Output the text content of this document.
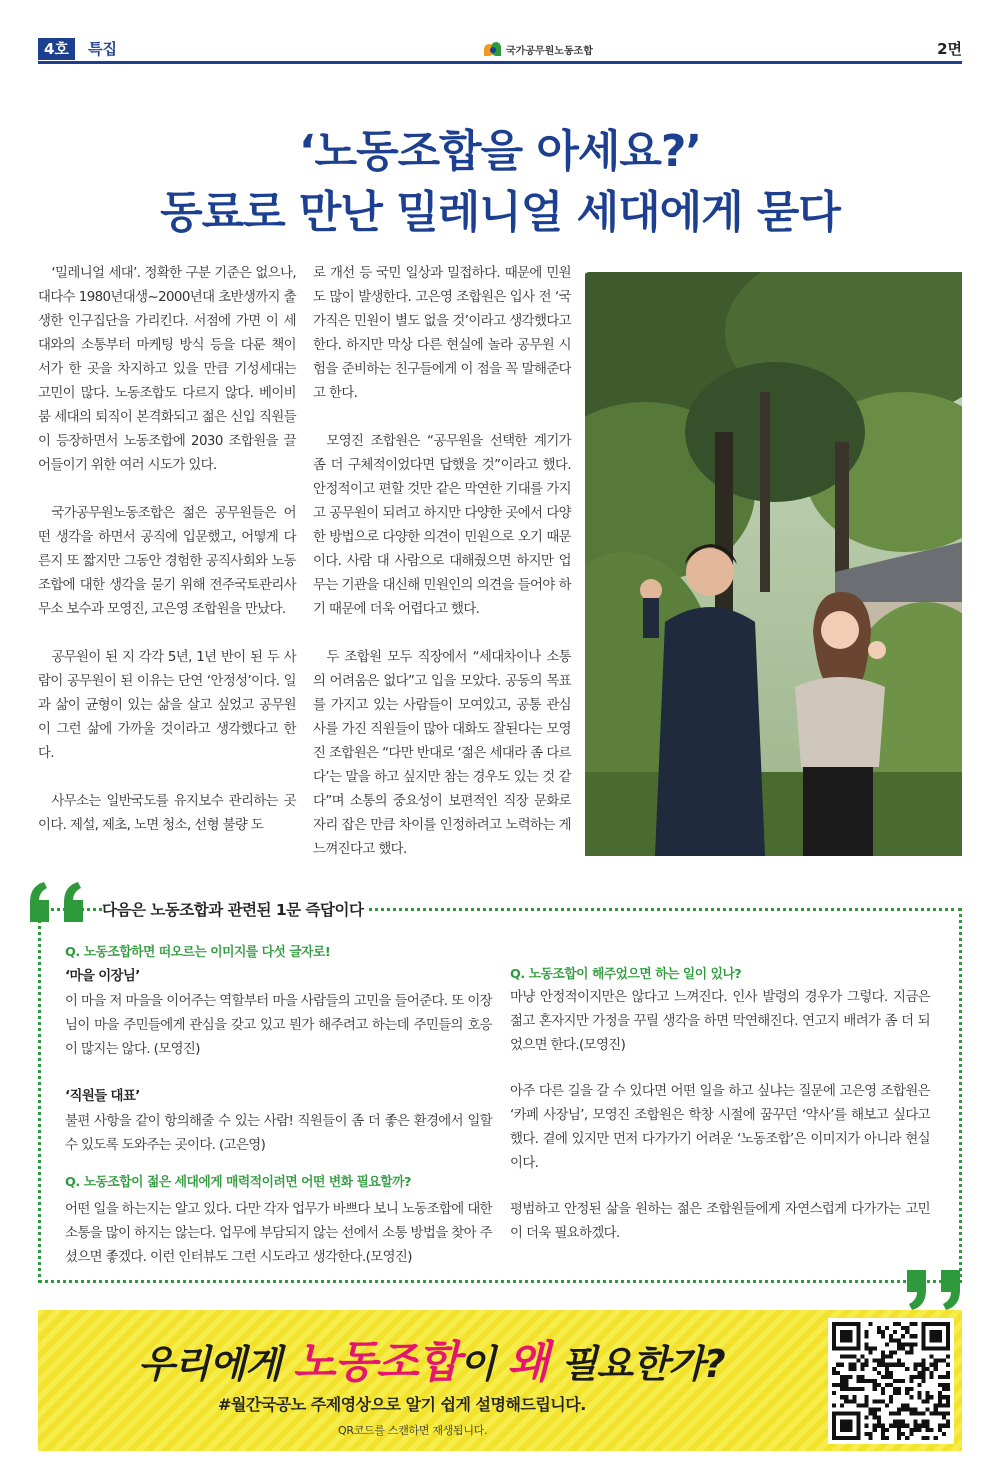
4호	특집	국가공무원노동조합	2면
‘노동조합을 아세요?’
동료로 만난 밀레니얼 세대에게 묻다

‘밀레니얼 세대’. 정확한 구분 기준은 없으나, 대다수 1980년대생~2000년대 초반생까지 출생한 인구집단을 가리킨다. 서점에 가면 이 세대와의 소통부터 마케팅 방식 등을 다룬 책이 서가 한 곳을 차지하고 있을 만큼 기성세대는 고민이 많다. 노동조합도 다르지 않다. 베이비붐 세대의 퇴직이 본격화되고 젊은 신입 직원들이 등장하면서 노동조합에 2030 조합원을 끌어들이기 위한 여러 시도가 있다.

국가공무원노동조합은 젊은 공무원들은 어떤 생각을 하면서 공직에 입문했고, 어떻게 다른지 또 짧지만 그동안 경험한 공직사회와 노동조합에 대한 생각을 묻기 위해 전주국토관리사무소 보수과 모영진, 고은영 조합원을 만났다.

공무원이 된 지 각각 5년, 1년 반이 된 두 사람이 공무원이 된 이유는 단연 ‘안정성’이다. 일과 삶이 균형이 있는 삶을 살고 싶었고 공무원이 그런 삶에 가까울 것이라고 생각했다고 한다.

사무소는 일반국도를 유지보수 관리하는 곳이다. 제설, 제초, 노면 청소, 선형 불량 도

로 개선 등 국민 일상과 밀접하다. 때문에 민원도 많이 발생한다. 고은영 조합원은 입사 전 ‘국가직은 민원이 별도 없을 것’이라고 생각했다고 한다. 하지만 막상 다른 현실에 놀라 공무원 시험을 준비하는 친구들에게 이 점을 꼭 말해준다고 한다.

모영진 조합원은 “공무원을 선택한 계기가 좀 더 구체적이었다면 답했을 것”이라고 했다. 안정적이고 편할 것만 같은 막연한 기대를 가지고 공무원이 되려고 하지만 다양한 곳에서 다양한 방법으로 다양한 의견이 민원으로 오기 때문이다. 사람 대 사람으로 대해줬으면 하지만 업무는 기관을 대신해 민원인의 의견을 들어야 하기 때문에 더욱 어렵다고 했다.

두 조합원 모두 직장에서 “세대차이나 소통의 어려움은 없다”고 입을 모았다. 공동의 목표를 가지고 있는 사람들이 모여있고, 공통 관심사를 가진 직원들이 많아 대화도 잘된다는 모영진 조합원은 “다만 반대로 ‘젊은 세대라 좀 다르다’는 말을 하고 싶지만 참는 경우도 있는 것 같다”며 소통의 중요성이 보편적인 직장 문화로 자리 잡은 만큼 차이를 인정하려고 노력하는 게 느껴진다고 했다.

다음은 노동조합과 관련된 1문 즉답이다
Q. 노동조합하면 떠오르는 이미지를 다섯 글자로!
‘마을 이장님’
이 마을 저 마을을 이어주는 역할부터 마을 사람들의 고민을 들어준다. 또 이장님이 마을 주민들에게 관심을 갖고 있고 뭔가 해주려고 하는데 주민들의 호응이 많지는 않다. (모영진)
‘직원들 대표’
불편 사항을 같이 항의해줄 수 있는 사람! 직원들이 좀 더 좋은 환경에서 일할 수 있도록 도와주는 곳이다. (고은영)
Q. 노동조합이 젊은 세대에게 매력적이려면 어떤 변화 필요할까?
어떤 일을 하는지는 알고 있다. 다만 각자 업무가 바쁘다 보니 노동조합에 대한 소통을 많이 하지는 않는다. 업무에 부담되지 않는 선에서 소통 방법을 찾아 주셨으면 좋겠다. 이런 인터뷰도 그런 시도라고 생각한다.(모영진)
Q. 노동조합이 해주었으면 하는 일이 있나?
마냥 안정적이지만은 않다고 느껴진다. 인사 발령의 경우가 그렇다. 지금은 젊고 혼자지만 가정을 꾸릴 생각을 하면 막연해진다. 연고지 배려가 좀 더 되었으면 한다.(모영진)
아주 다른 길을 갈 수 있다면 어떤 일을 하고 싶냐는 질문에 고은영 조합원은 ‘카페 사장님’, 모영진 조합원은 학창 시절에 꿈꾸던 ‘약사’를 해보고 싶다고 했다. 곁에 있지만 먼저 다가가기 어려운 ‘노동조합’은 이미지가 아니라 현실이다.
평범하고 안정된 삶을 원하는 젊은 조합원들에게 자연스럽게 다가가는 고민이 더욱 필요하겠다.
우리에게 노동조합이 왜 필요한가?
#월간국공노 주제영상으로 알기 쉽게 설명해드립니다.
QR코드를 스캔하면 재생됩니다.
